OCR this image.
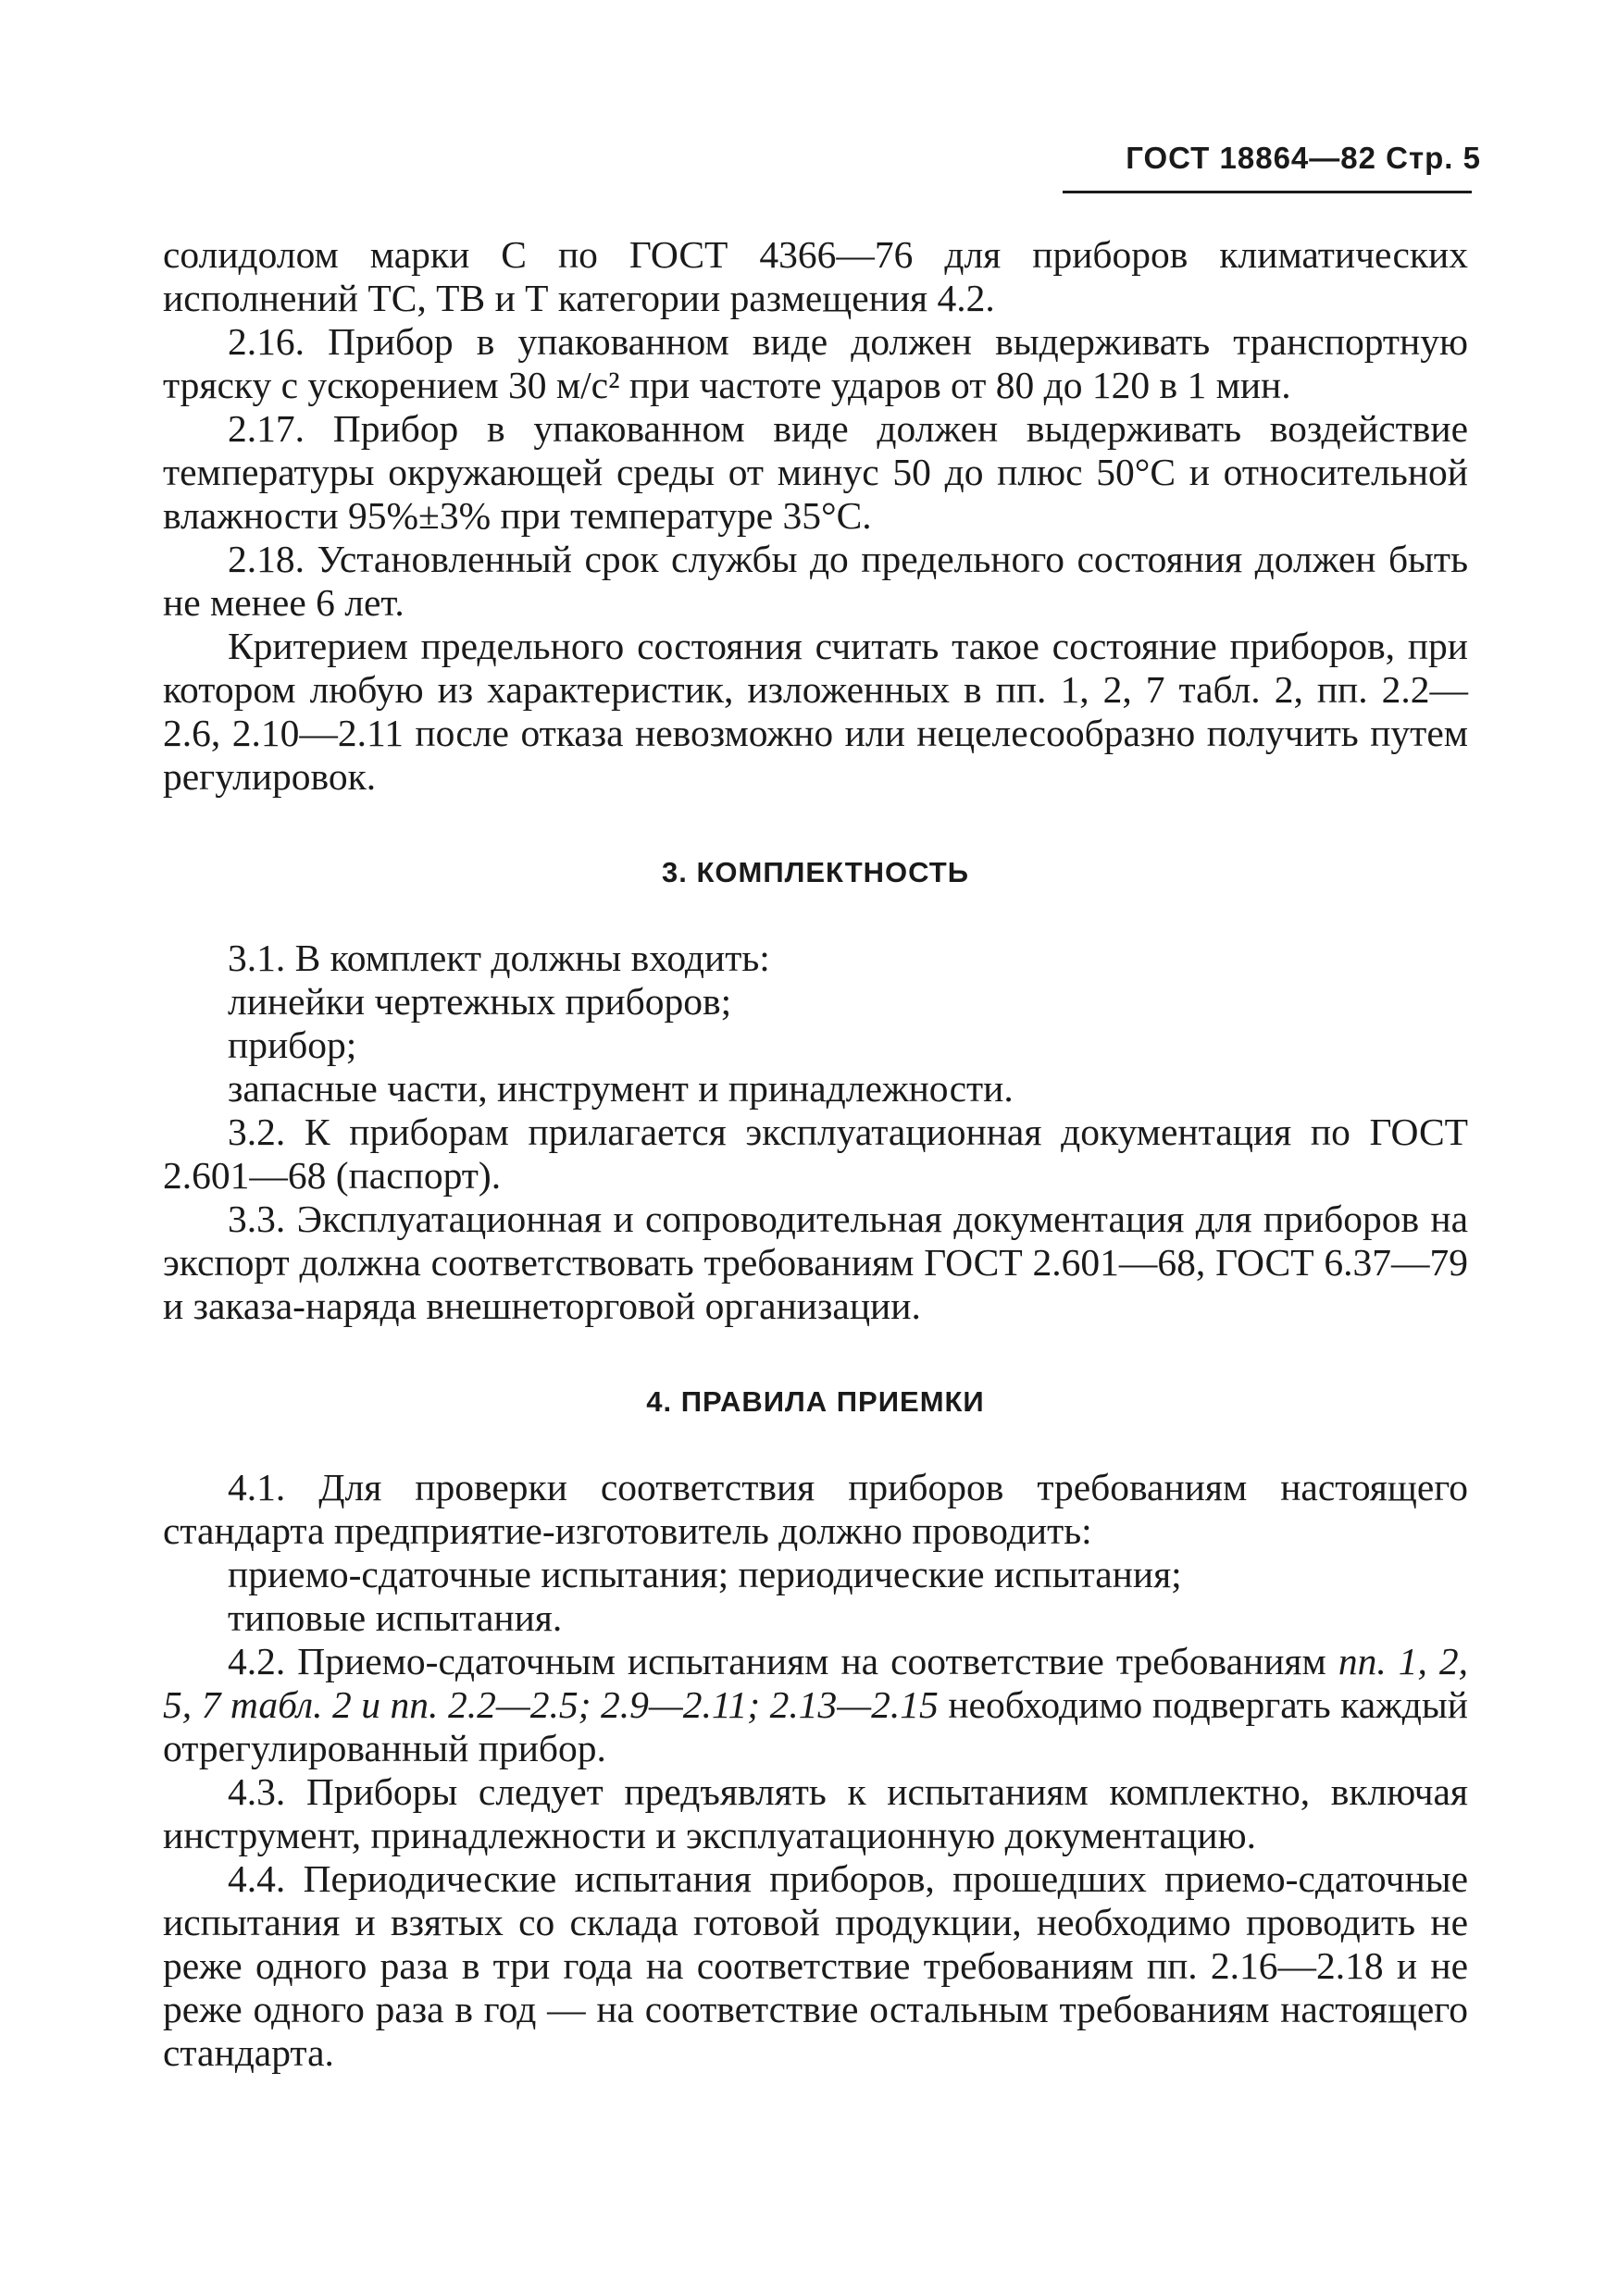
ГОСТ 18864—82 Стр. 5

солидолом марки С по ГОСТ 4366—76 для приборов климатических исполнений ТС, ТВ и Т категории размещения 4.2.

2.16. Прибор в упакованном виде должен выдерживать транспортную тряску с ускорением 30 м/с² при частоте ударов от 80 до 120 в 1 мин.

2.17. Прибор в упакованном виде должен выдерживать воздействие температуры окружающей среды от минус 50 до плюс 50°С и относительной влажности 95%±3% при температуре 35°С.

2.18. Установленный срок службы до предельного состояния должен быть не менее 6 лет.

Критерием предельного состояния считать такое состояние приборов, при котором любую из характеристик, изложенных в пп. 1, 2, 7 табл. 2, пп. 2.2—2.6, 2.10—2.11 после отказа невозможно или нецелесообразно получить путем регулировок.

3. КОМПЛЕКТНОСТЬ

3.1. В комплект должны входить:

линейки чертежных приборов;

прибор;

запасные части, инструмент и принадлежности.

3.2. К приборам прилагается эксплуатационная документация по ГОСТ 2.601—68 (паспорт).

3.3. Эксплуатационная и сопроводительная документация для приборов на экспорт должна соответствовать требованиям ГОСТ 2.601—68, ГОСТ 6.37—79 и заказа-наряда внешнеторговой организации.

4. ПРАВИЛА ПРИЕМКИ

4.1. Для проверки соответствия приборов требованиям настоящего стандарта предприятие-изготовитель должно проводить:

приемо-сдаточные испытания; периодические испытания;

типовые испытания.

4.2. Приемо-сдаточным испытаниям на соответствие требованиям пп. 1, 2, 5, 7 табл. 2 и пп. 2.2—2.5; 2.9—2.11; 2.13—2.15 необходимо подвергать каждый отрегулированный прибор.

4.3. Приборы следует предъявлять к испытаниям комплектно, включая инструмент, принадлежности и эксплуатационную документацию.

4.4. Периодические испытания приборов, прошедших приемо-сдаточные испытания и взятых со склада готовой продукции, необходимо проводить не реже одного раза в три года на соответствие требованиям пп. 2.16—2.18 и не реже одного раза в год — на соответствие остальным требованиям настоящего стандарта.
